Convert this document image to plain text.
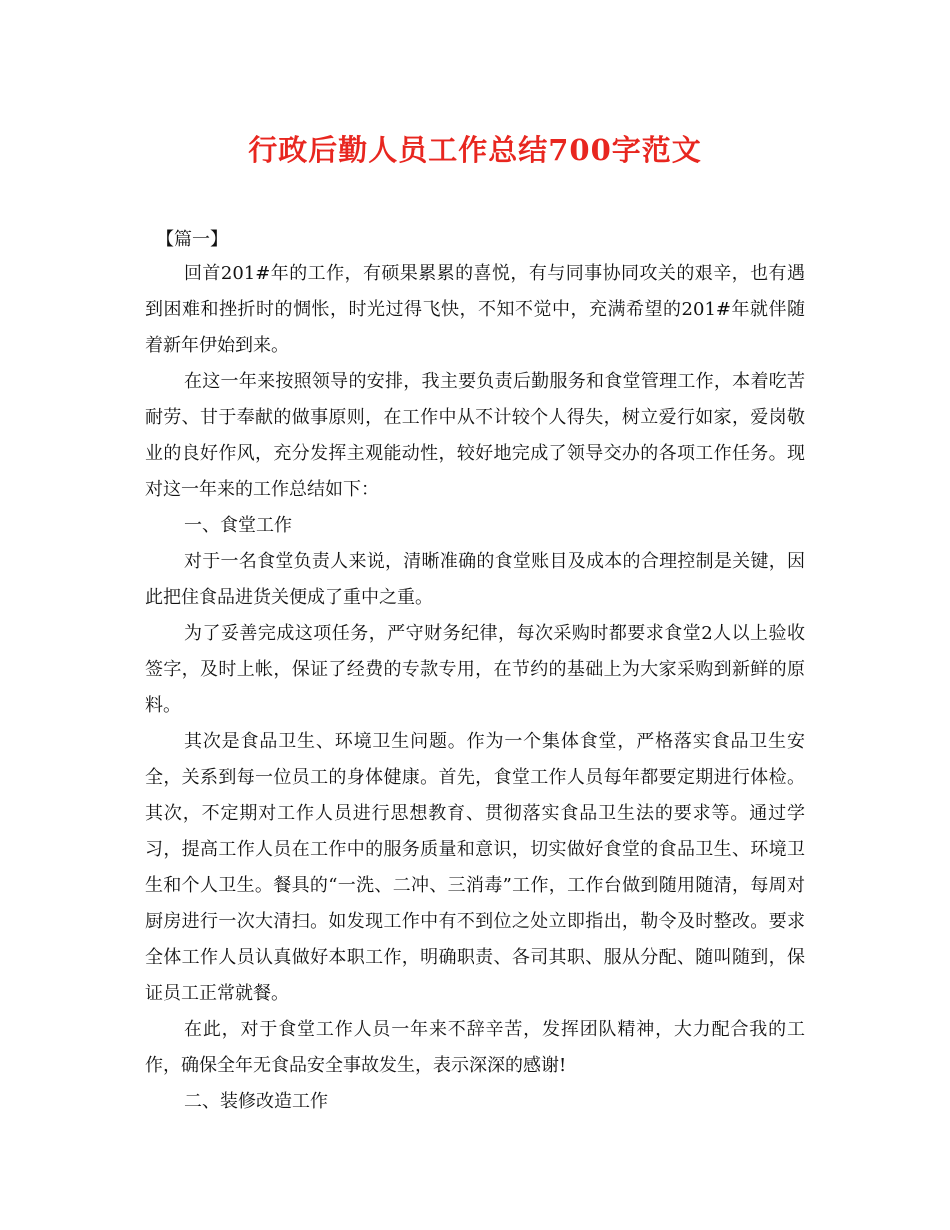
行政后勤人员工作总结700字范文

【篇一】

回首201#年的工作，有硕果累累的喜悦，有与同事协同攻关的艰辛，也有遇到困难和挫折时的惆怅，时光过得飞快，不知不觉中，充满希望的201#年就伴随着新年伊始到来。

在这一年来按照领导的安排，我主要负责后勤服务和食堂管理工作，本着吃苦耐劳、甘于奉献的做事原则，在工作中从不计较个人得失，树立爱行如家，爱岗敬业的良好作风，充分发挥主观能动性，较好地完成了领导交办的各项工作任务。现对这一年来的工作总结如下：

一、食堂工作

对于一名食堂负责人来说，清晰准确的食堂账目及成本的合理控制是关键，因此把住食品进货关便成了重中之重。

为了妥善完成这项任务，严守财务纪律，每次采购时都要求食堂2人以上验收签字，及时上帐，保证了经费的专款专用，在节约的基础上为大家采购到新鲜的原料。

其次是食品卫生、环境卫生问题。作为一个集体食堂，严格落实食品卫生安全，关系到每一位员工的身体健康。首先，食堂工作人员每年都要定期进行体检。其次，不定期对工作人员进行思想教育、贯彻落实食品卫生法的要求等。通过学习，提高工作人员在工作中的服务质量和意识，切实做好食堂的食品卫生、环境卫生和个人卫生。餐具的“一洗、二冲、三消毒”工作，工作台做到随用随清，每周对厨房进行一次大清扫。如发现工作中有不到位之处立即指出，勒令及时整改。要求全体工作人员认真做好本职工作，明确职责、各司其职、服从分配、随叫随到，保证员工正常就餐。

在此，对于食堂工作人员一年来不辞辛苦，发挥团队精神，大力配合我的工作，确保全年无食品安全事故发生，表示深深的感谢!

二、装修改造工作
